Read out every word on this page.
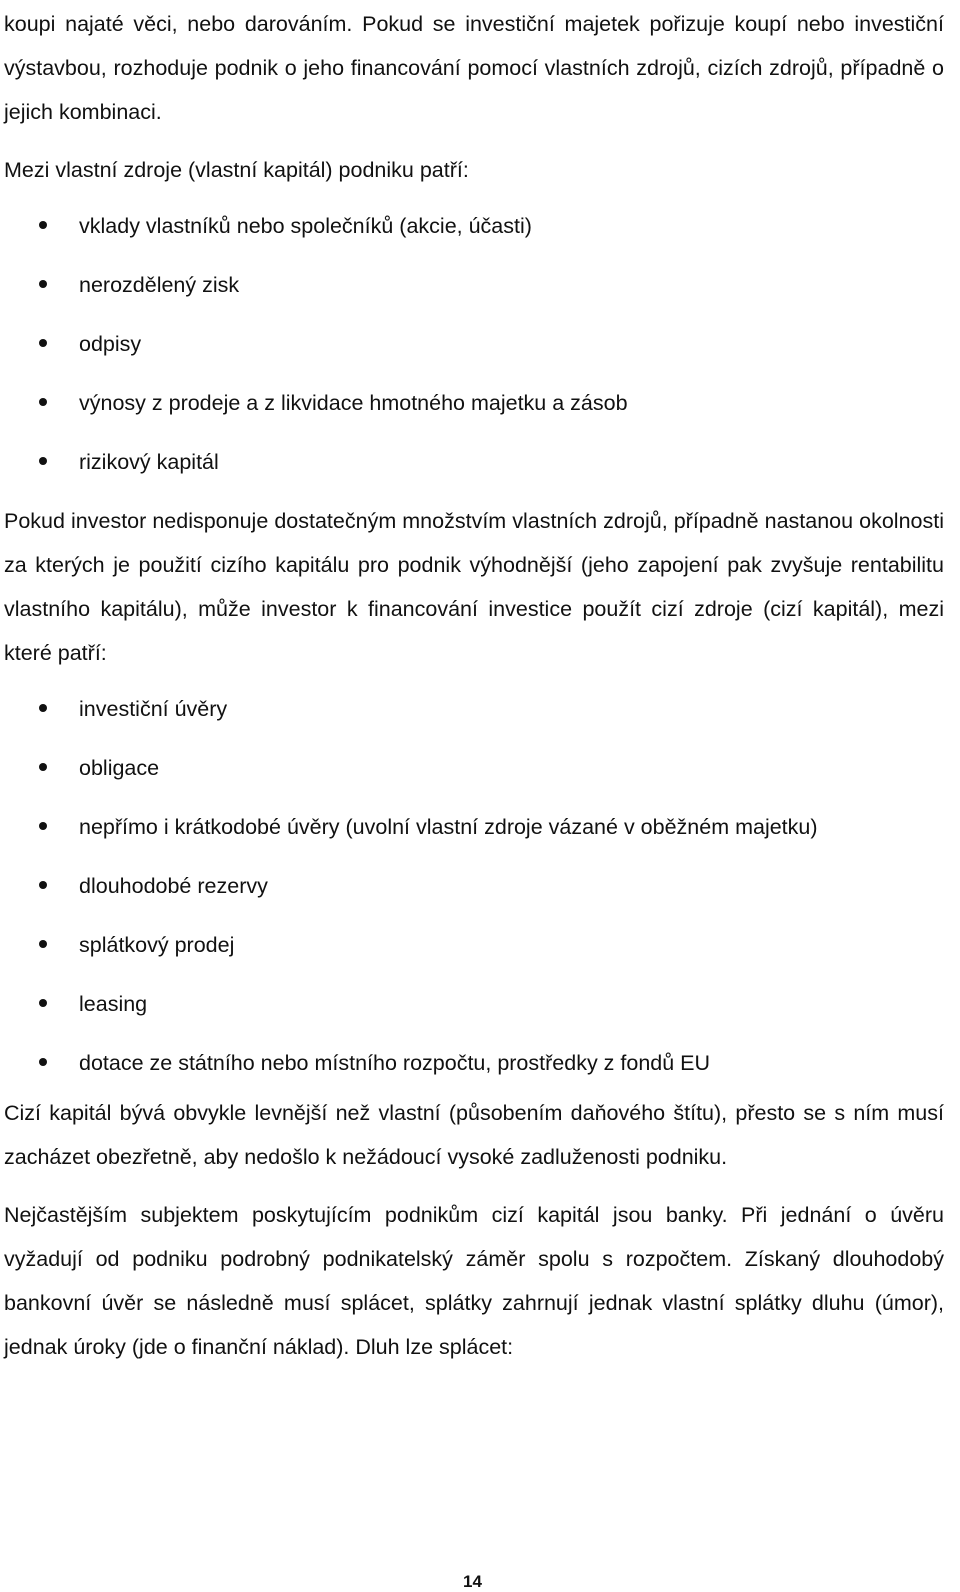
koupi najaté věci, nebo darováním. Pokud se investiční majetek pořizuje koupí nebo investiční výstavbou, rozhoduje podnik o jeho financování pomocí vlastních zdrojů, cizích zdrojů, případně o jejich kombinaci.

Mezi vlastní zdroje (vlastní kapitál) podniku patří:

vklady vlastníků nebo společníků (akcie, účasti)
nerozdělený zisk
odpisy
výnosy z prodeje a z likvidace hmotného majetku a zásob
rizikový kapitál

Pokud investor nedisponuje dostatečným množstvím vlastních zdrojů, případně nastanou okolnosti za kterých je použití cizího kapitálu pro podnik výhodnější (jeho zapojení pak zvyšuje rentabilitu vlastního kapitálu), může investor k financování investice použít cizí zdroje (cizí kapitál), mezi které patří:

investiční úvěry
obligace
nepřímo i krátkodobé úvěry (uvolní vlastní zdroje vázané v oběžném majetku)
dlouhodobé rezervy
splátkový prodej
leasing
dotace ze státního nebo místního rozpočtu, prostředky z fondů EU

Cizí kapitál bývá obvykle levnější než vlastní (působením daňového štítu), přesto se s ním musí zacházet obezřetně, aby nedošlo k nežádoucí vysoké zadluženosti podniku.

Nejčastějším subjektem poskytujícím podnikům cizí kapitál jsou banky. Při jednání o úvěru vyžadují od podniku podrobný podnikatelský záměr spolu s rozpočtem. Získaný dlouhodobý bankovní úvěr se následně musí splácet, splátky zahrnují jednak vlastní splátky dluhu (úmor), jednak úroky (jde o finanční náklad). Dluh lze splácet:

14
